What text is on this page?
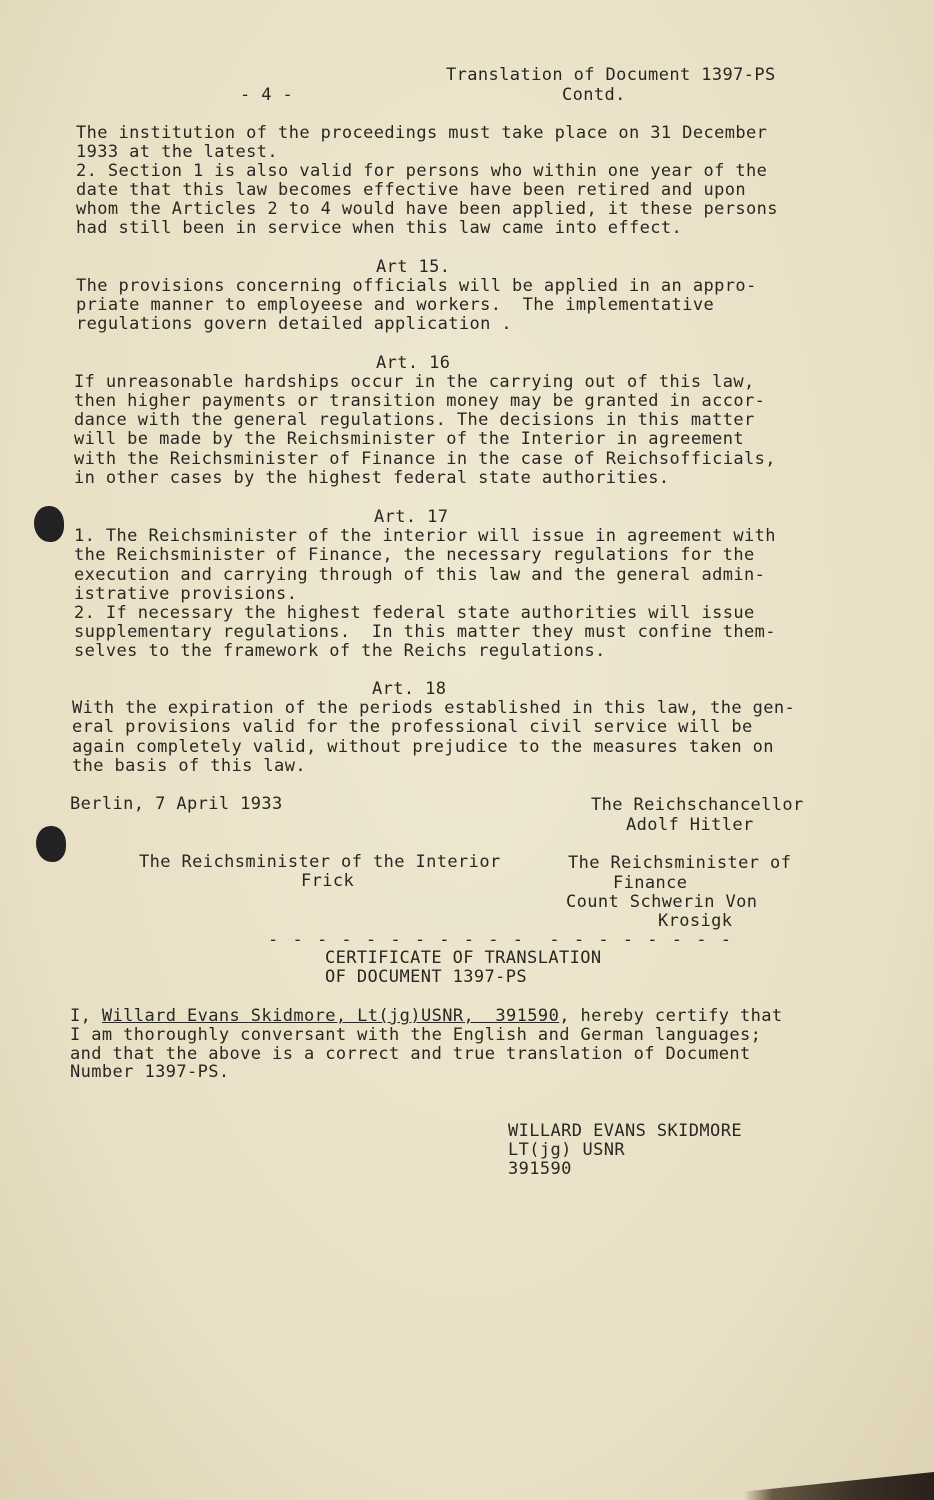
Translation of Document 1397-PS
Contd.
- 4 -
The institution of the proceedings must take place on 31 December
1933 at the latest.
2. Section 1 is also valid for persons who within one year of the
date that this law becomes effective have been retired and upon
whom the Articles 2 to 4 would have been applied, it these persons
had still been in service when this law came into effect.
Art 15.
The provisions concerning officials will be applied in an appro-
priate manner to employeese and workers.  The implementative
regulations govern detailed application .
Art. 16
If unreasonable hardships occur in the carrying out of this law,
then higher payments or transition money may be granted in accor-
dance with the general regulations. The decisions in this matter
will be made by the Reichsminister of the Interior in agreement
with the Reichsminister of Finance in the case of Reichsofficials,
in other cases by the highest federal state authorities.
Art. 17
1. The Reichsminister of the interior will issue in agreement with
the Reichsminister of Finance, the necessary regulations for the
execution and carrying through of this law and the general admin-
istrative provisions.
2. If necessary the highest federal state authorities will issue
supplementary regulations.  In this matter they must confine them-
selves to the framework of the Reichs regulations.
Art. 18
With the expiration of the periods established in this law, the gen-
eral provisions valid for the professional civil service will be
again completely valid, without prejudice to the measures taken on
the basis of this law.
Berlin, 7 April 1933	The Reichschancellor
Adolf Hitler
The Reichsminister of the Interior
Frick
The Reichsminister of
Finance
Count Schwerin Von
Krosigk
- - - - - - - - - - -  - - - - - - - -
CERTIFICATE OF TRANSLATION
OF DOCUMENT 1397-PS
I, Willard Evans Skidmore, Lt(jg)USNR,  391590, hereby certify that
I am thoroughly conversant with the English and German languages;
and that the above is a correct and true translation of Document
Number 1397-PS.
WILLARD EVANS SKIDMORE
LT(jg) USNR
391590
